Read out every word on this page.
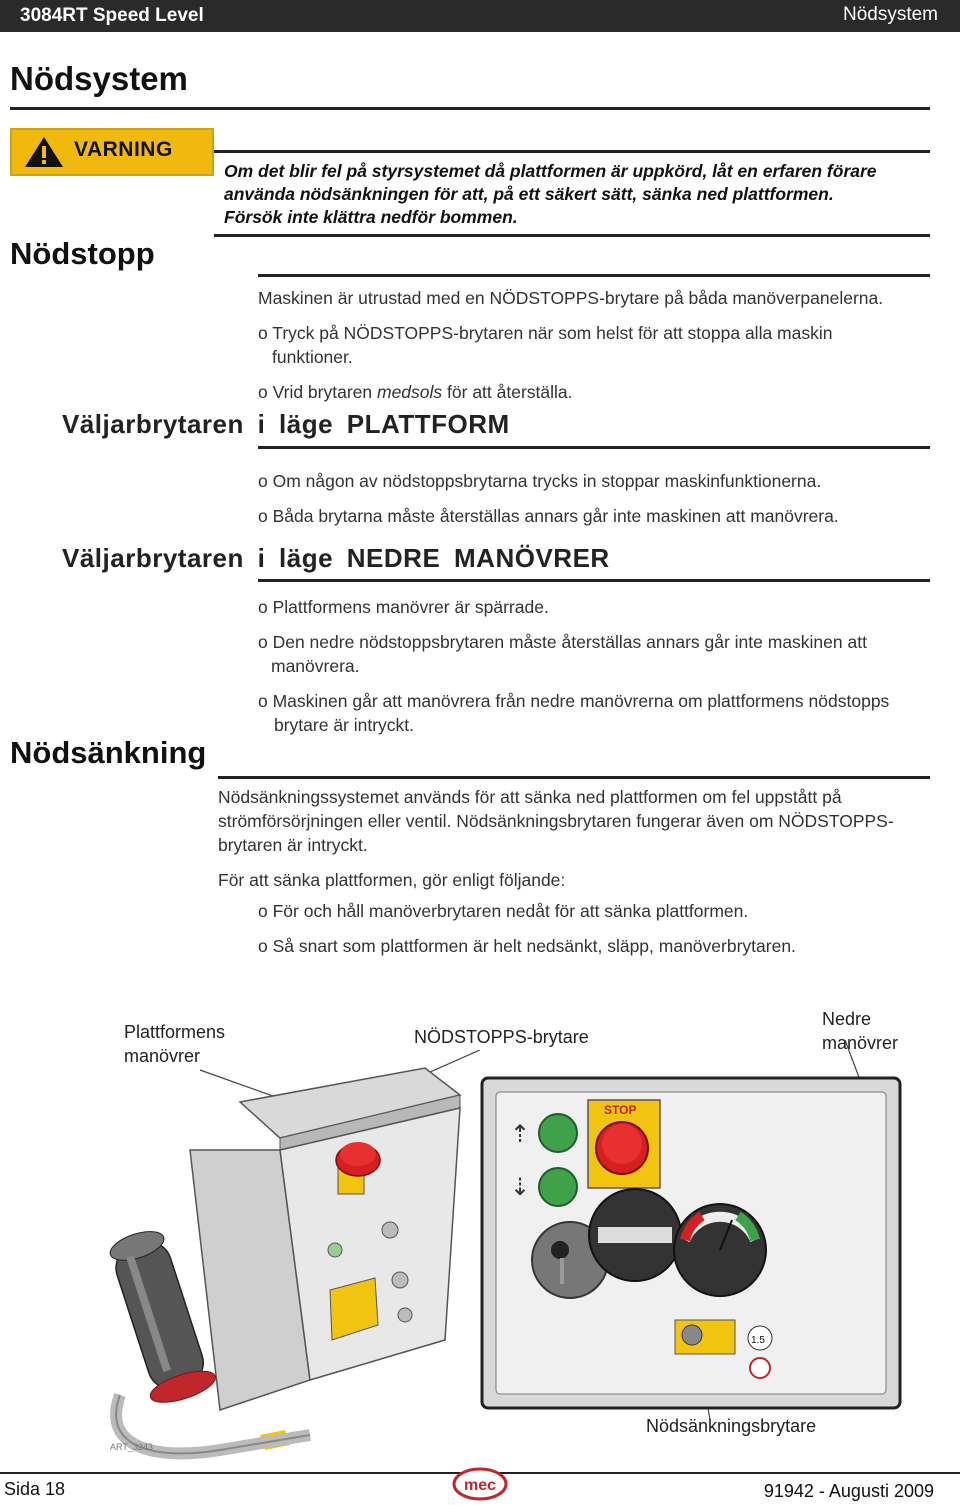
3084RT Speed Level	Nödsystem
Nödsystem
VARNING
Om det blir fel på styrsystemet då plattformen är uppkörd, låt en erfaren förare
använda nödsänkningen för att, på ett säkert sätt, sänka ned plattformen.
Försök inte klättra nedför bommen.
Nödstopp
Maskinen är utrustad med en NÖDSTOPPS-brytare på båda manöverpanelerna.
o Tryck på NÖDSTOPPS-brytaren när som helst för att stoppa alla maskin
funktioner.
o Vrid brytaren medsols för att återställa.
Väljarbrytaren i läge PLATTFORM
o Om någon av nödstoppsbrytarna trycks in stoppar maskinfunktionerna.
o Båda brytarna måste återställas annars går inte maskinen att manövrera.
Väljarbrytaren i läge NEDRE MANÖVRER
o Plattformens manövrer är spärrade.
o Den nedre nödstoppsbrytaren måste återställas annars går inte maskinen att
manövrera.
o Maskinen går att manövrera från nedre manövrerna om plattformens nödstopps
brytare är intryckt.
Nödsänkning
Nödsänkningssystemet används för att sänka ned plattformen om fel uppstått på
strömförsörjningen eller ventil. Nödsänkningsbrytaren fungerar även om NÖDSTOPPS-
brytaren är intryckt.
För att sänka plattformen, gör enligt följande:
o För och håll manöverbrytaren nedåt för att sänka plattformen.
o Så snart som plattformen är helt nedsänkt, släpp, manöverbrytaren.
Plattformens
manövrer
NÖDSTOPPS-brytare
Nedre
manövrer
Nödsänkningsbrytare
ART_3243
⇡
⇣
STOP
1.5
Sida 18	mec	91942 - Augusti 2009
